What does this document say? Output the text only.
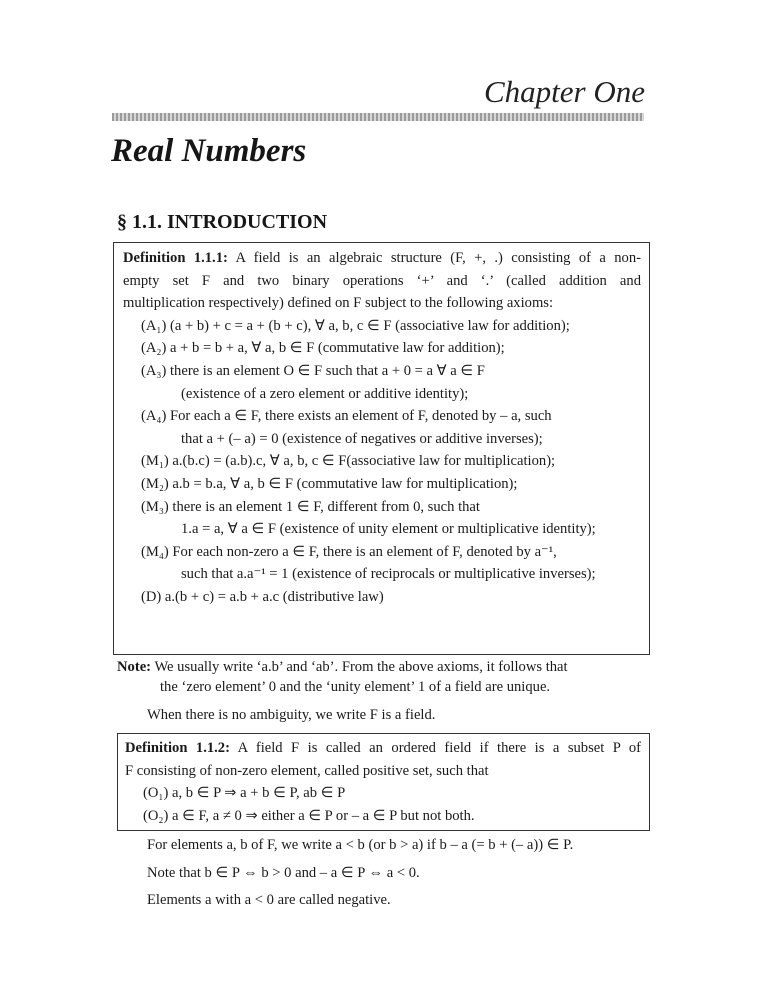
Chapter One
Real Numbers
§ 1.1. INTRODUCTION
Definition 1.1.1: A field is an algebraic structure (F, +, .) consisting of a non-
empty set F and two binary operations ‘+’ and ‘.’ (called addition and
multiplication respectively) defined on F subject to the following axioms:
(A₁) (a + b) + c = a + (b + c), ∀ a, b, c ∈ F (associative law for addition);
(A₂) a + b = b + a, ∀ a, b ∈ F (commutative law for addition);
(A₃) there is an element O ∈ F such that a + 0 = a ∀ a ∈ F
(existence of a zero element or additive identity);
(A₄) For each a ∈ F, there exists an element of F, denoted by – a, such
that a + (– a) = 0 (existence of negatives or additive inverses);
(M₁) a.(b.c) = (a.b).c, ∀ a, b, c ∈ F(associative law for multiplication);
(M₂) a.b = b.a, ∀ a, b ∈ F (commutative law for multiplication);
(M₃) there is an element 1 ∈ F, different from 0, such that
1.a = a, ∀ a ∈ F (existence of unity element or multiplicative identity);
(M₄) For each non-zero a ∈ F, there is an element of F, denoted by a⁻¹,
such that a.a⁻¹ = 1 (existence of reciprocals or multiplicative inverses);
(D) a.(b + c) = a.b + a.c (distributive law)
Note: We usually write ‘a.b’ and ‘ab’. From the above axioms, it follows that
the ‘zero element’ 0 and the ‘unity element’ 1 of a field are unique.
When there is no ambiguity, we write F is a field.
Definition 1.1.2: A field F is called an ordered field if there is a subset P of
F consisting of non-zero element, called positive set, such that
(O₁) a, b ∈ P ⇒ a + b ∈ P, ab ∈ P
(O₂) a ∈ F, a ≠ 0 ⇒ either a ∈ P or – a ∈ P but not both.
For elements a, b of F, we write a < b (or b > a) if b – a (= b + (– a)) ∈ P.
Note that b ∈ P ⇔ b > 0 and – a ∈ P ⇔ a < 0.
Elements a with a < 0 are called negative.
